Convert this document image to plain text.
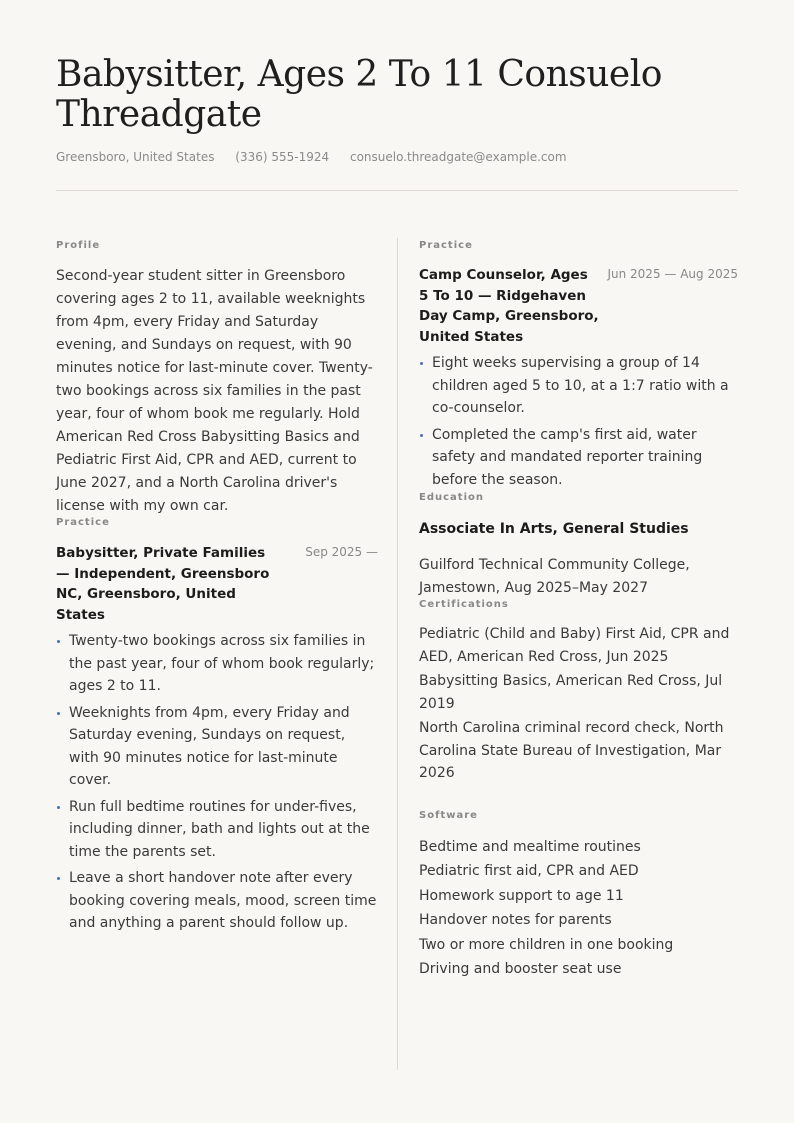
Babysitter, Ages 2 To 11 Consuelo Threadgate
Greensboro, United States (336) 555-1924 consuelo.threadgate@example.com
Profile

Second-year student sitter in Greensboro covering ages 2 to 11, available weeknights from 4pm, every Friday and Saturday evening, and Sundays on request, with 90 minutes notice for last-minute cover. Twenty-two bookings across six families in the past year, four of whom book me regularly. Hold American Red Cross Babysitting Basics and Pediatric First Aid, CPR and AED, current to June 2027, and a North Carolina driver's license with my own car.

Practice
Babysitter, Private Families — Independent, Greensboro NC, Greensboro, United States
Sep 2025 —
Twenty-two bookings across six families in the past year, four of whom book regularly; ages 2 to 11.
Weeknights from 4pm, every Friday and Saturday evening, Sundays on request, with 90 minutes notice for last-minute cover.
Run full bedtime routines for under-fives, including dinner, bath and lights out at the time the parents set.
Leave a short handover note after every booking covering meals, mood, screen time and anything a parent should follow up.
Practice
Camp Counselor, Ages 5 To 10 — Ridgehaven Day Camp, Greensboro, United States
Jun 2025 — Aug 2025
Eight weeks supervising a group of 14 children aged 5 to 10, at a 1:7 ratio with a co-counselor.
Completed the camp's first aid, water safety and mandated reporter training before the season.
Education
Associate In Arts, General Studies
Guilford Technical Community College, Jamestown, Aug 2025–May 2027
Certifications
Pediatric (Child and Baby) First Aid, CPR and AED, American Red Cross, Jun 2025
Babysitting Basics, American Red Cross, Jul 2019
North Carolina criminal record check, North Carolina State Bureau of Investigation, Mar 2026
Software
Bedtime and mealtime routines
Pediatric first aid, CPR and AED
Homework support to age 11
Handover notes for parents
Two or more children in one booking
Driving and booster seat use
